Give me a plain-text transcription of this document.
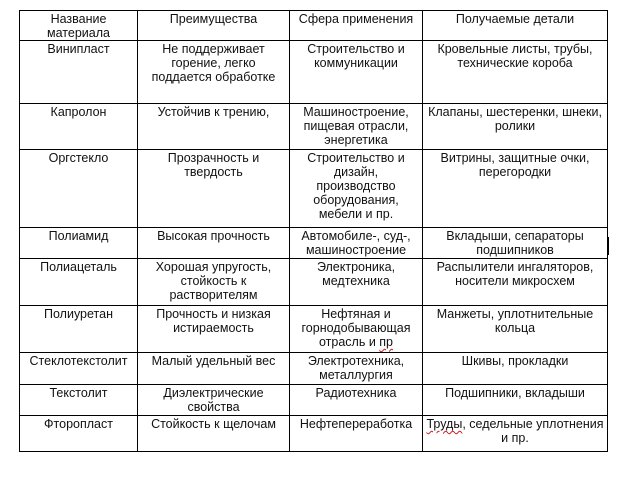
Название материала	Преимущества	Сфера применения	Получаемые детали

Винипласт	Не поддерживает горение, легко поддается обработке	Строительство и коммуникации	Кровельные листы, трубы, технические короба

Капролон	Устойчив к трению,	Машиностроение, пищевая отрасли, энергетика	Клапаны, шестеренки, шнеки, ролики

Оргстекло	Прозрачность и твердость	Строительство и дизайн, производство оборудования, мебели и пр.	Витрины, защитные очки, перегородки

Полиамид	Высокая прочность	Автомобиле-, суд-, машиностроение	Вкладыши, сепараторы подшипников

Полиацеталь	Хорошая упругость, стойкость к растворителям	Электроника, медтехника	Распылители ингаляторов, носители микросхем

Полиуретан	Прочность и низкая истираемость	Нефтяная и горнодобывающая отрасль и пр	Манжеты, уплотнительные кольца

Стеклотекстолит	Малый удельный вес	Электротехника, металлургия	Шкивы, прокладки

Текстолит	Диэлектрические свойства	Радиотехника	Подшипники, вкладыши

Фторопласт	Стойкость к щелочам	Нефтепереработка	Труды, седельные уплотнения и пр.
